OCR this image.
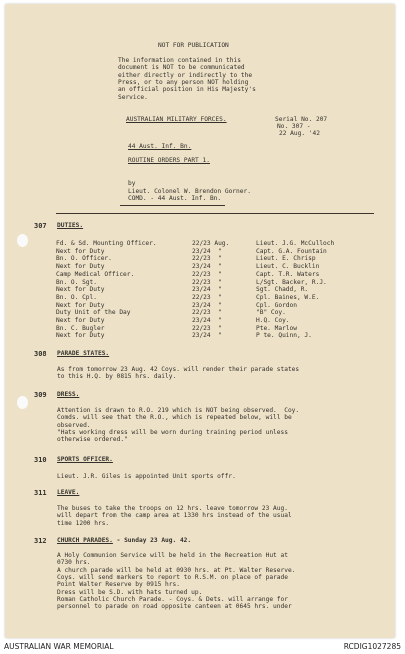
NOT FOR PUBLICATION
The information contained in this
document is NOT to be communicated
either directly or indirectly to the
Press, or to any person NOT holding
an official position in His Majesty's
Service.
AUSTRALIAN MILITARY FORCES.	Serial No. 207
No. 307 -
22 Aug. '42
44 Aust. Inf. Bn.
ROUTINE ORDERS PART 1.
by
Lieut. Colonel W. Brendon Gorner.
COMD. - 44 Aust. Inf. Bn.
307 DUTIES.
Fd. & Sd. Mounting Officer.	22/23 Aug.	Lieut. J.G. McCulloch
Next for Duty	23/24  "	Capt. G.A. Fountain
Bn. O. Officer.	22/23  "	Lieut. E. Chrisp
Next for Duty	23/24  "	Lieut. C. Bucklin
Camp Medical Officer.	22/23  "	Capt. T.R. Waters
Bn. O. Sgt.	22/23  "	L/Sgt. Backer, R.J.
Next for Duty	23/24  "	Sgt. Chadd, R.
Bn. O. Cpl.	22/23  "	Cpl. Baines, W.E.
Next for Duty	23/24  "	Cpl. Gordon
Duty Unit of the Day	22/23  "	"B" Coy.
Next for Duty	23/24  "	H.Q. Coy.
Bn. C. Bugler	22/23  "	Pte. Marlow
Next for Duty	23/24  "	P te. Quinn, J.
308 PARADE STATES.
As from tomorrow 23 Aug. 42 Coys. will render their parade states
to this H.Q. by 0815 hrs. daily.
309 DRESS.
Attention is drawn to R.O. 219 which is NOT being observed.  Coy.
Comds. will see that the R.O., which is repeated below, will be
observed.
"Hats working dress will be worn during training period unless
otherwise ordered."
310 SPORTS OFFICER.
Lieut. J.R. Giles is appointed Unit sports offr.
311 LEAVE.
The buses to take the troops on 12 hrs. leave tomorrow 23 Aug.
will depart from the camp area at 1330 hrs instead of the usual
time 1200 hrs.
312 CHURCH PARADES. - Sunday 23 Aug. 42.
A Holy Communion Service will be held in the Recreation Hut at
0730 hrs.
A church parade will be held at 0930 hrs. at Pt. Walter Reserve.
Coys. will send markers to report to R.S.M. on place of parade
Point Walter Reserve by 0915 hrs.
Dress will be S.D. with hats turned up.
Roman Catholic Church Parade. - Coys. & Dets. will arrange for
personnel to parade on road opposite canteen at 0645 hrs. under
AUSTRALIAN WAR MEMORIAL	RCDIG1027285
